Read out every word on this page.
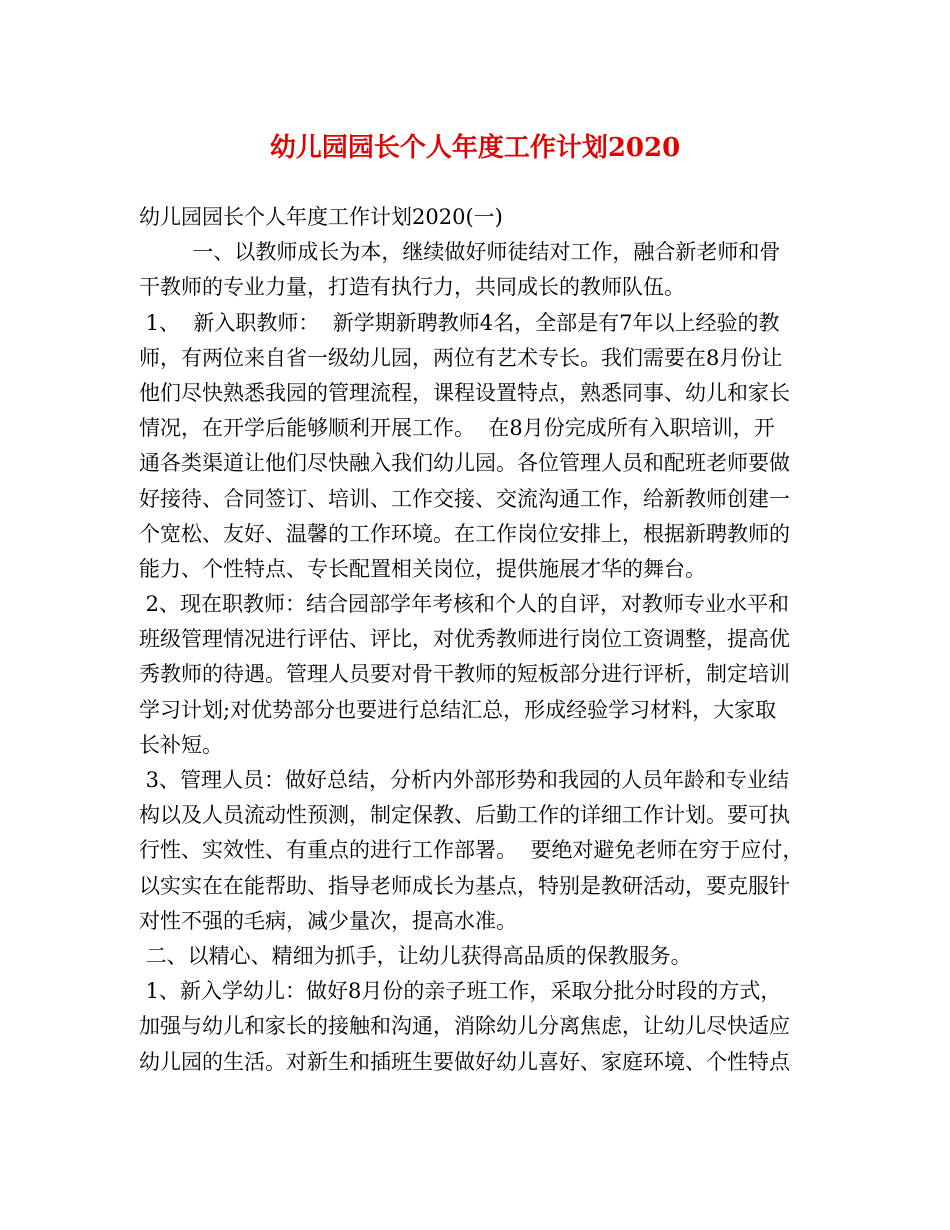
幼儿园园长个人年度工作计划2020
幼儿园园长个人年度工作计划2020(一)
一、以教师成长为本，继续做好师徒结对工作，融合新老师和骨
干教师的专业力量，打造有执行力，共同成长的教师队伍。
1、  新入职教师：  新学期新聘教师4名，全部是有7年以上经验的教
师，有两位来自省一级幼儿园，两位有艺术专长。我们需要在8月份让
他们尽快熟悉我园的管理流程，课程设置特点，熟悉同事、幼儿和家长
情况，在开学后能够顺利开展工作。  在8月份完成所有入职培训，开
通各类渠道让他们尽快融入我们幼儿园。各位管理人员和配班老师要做
好接待、合同签订、培训、工作交接、交流沟通工作，给新教师创建一
个宽松、友好、温馨的工作环境。在工作岗位安排上，根据新聘教师的
能力、个性特点、专长配置相关岗位，提供施展才华的舞台。
2、现在职教师：结合园部学年考核和个人的自评，对教师专业水平和
班级管理情况进行评估、评比，对优秀教师进行岗位工资调整，提高优
秀教师的待遇。管理人员要对骨干教师的短板部分进行评析，制定培训
学习计划;对优势部分也要进行总结汇总，形成经验学习材料，大家取
长补短。
3、管理人员：做好总结，分析内外部形势和我园的人员年龄和专业结
构以及人员流动性预测，制定保教、后勤工作的详细工作计划。要可执
行性、实效性、有重点的进行工作部署。  要绝对避免老师在穷于应付，
以实实在在能帮助、指导老师成长为基点，特别是教研活动，要克服针
对性不强的毛病，减少量次，提高水准。
二、以精心、精细为抓手，让幼儿获得高品质的保教服务。
1、新入学幼儿：做好8月份的亲子班工作，采取分批分时段的方式，
加强与幼儿和家长的接触和沟通，消除幼儿分离焦虑，让幼儿尽快适应
幼儿园的生活。对新生和插班生要做好幼儿喜好、家庭环境、个性特点
